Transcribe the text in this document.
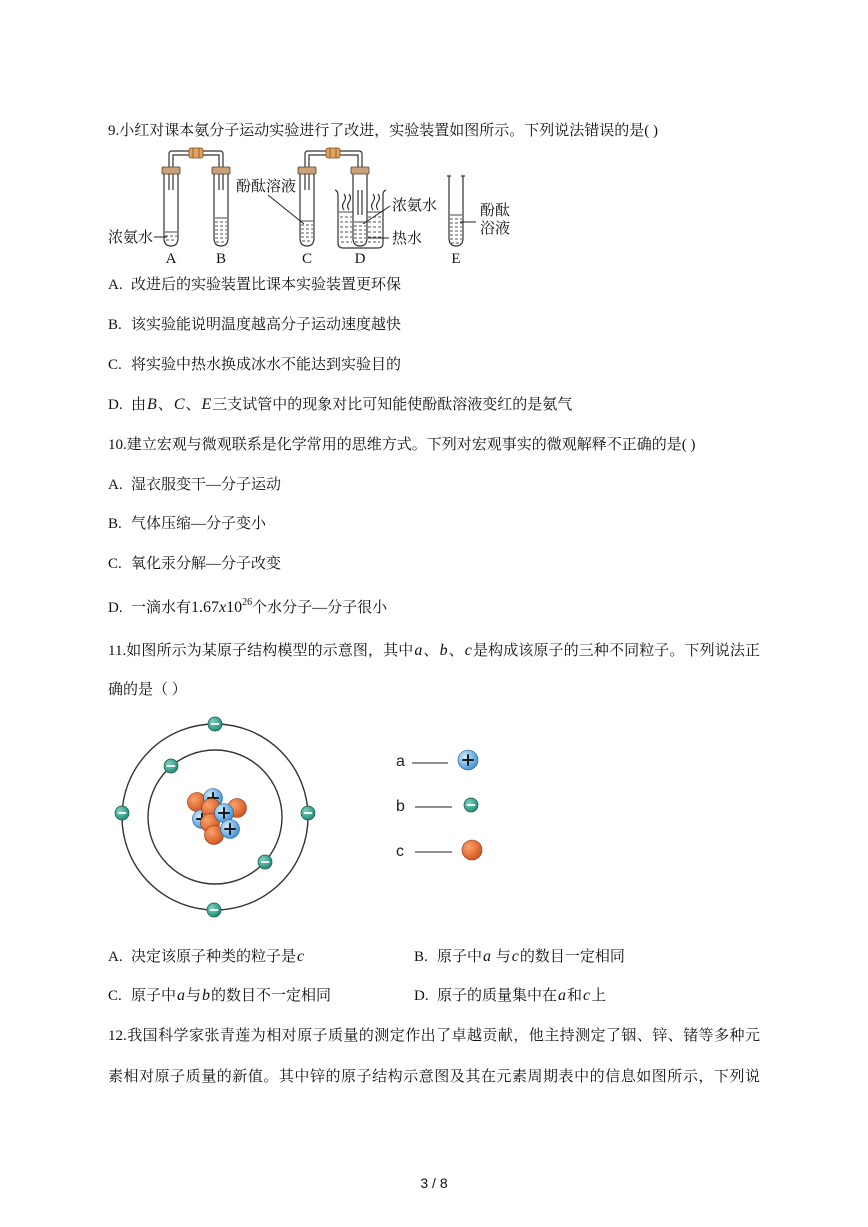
9.小红对课本氨分子运动实验进行了改进，实验装置如图所示。下列说法错误的是( )
浓氨水
酚酞溶液
浓氨水
热水
酚酞
浴液
A	B	C	D	E
A. 改进后的实验装置比课本实验装置更环保
B. 该实验能说明温度越高分子运动速度越快
C. 将实验中热水换成冰水不能达到实验目的
D. 由B、C、E三支试管中的现象对比可知能使酚酞溶液变红的是氨气
10.建立宏观与微观联系是化学常用的思维方式。下列对宏观事实的微观解释不正确的是( )
A. 湿衣服变干—分子运动
B. 气体压缩—分子变小
C. 氧化汞分解—分子改变
D. 一滴水有$1.67x10^{26}$个水分子—分子很小
11.如图所示为某原子结构模型的示意图，其中a、b、c是构成该原子的三种不同粒子。下列说法正
确的是（ ）
a
b
c
A. 决定该原子种类的粒子是c	B. 原子中a 与c的数目一定相同
C. 原子中a与b的数目不一定相同	D. 原子的质量集中在a和c上
12.我国科学家张青莲为相对原子质量的测定作出了卓越贡献，他主持测定了铟、锌、锗等多种元
素相对原子质量的新值。其中锌的原子结构示意图及其在元素周期表中的信息如图所示，下列说
3 / 8
